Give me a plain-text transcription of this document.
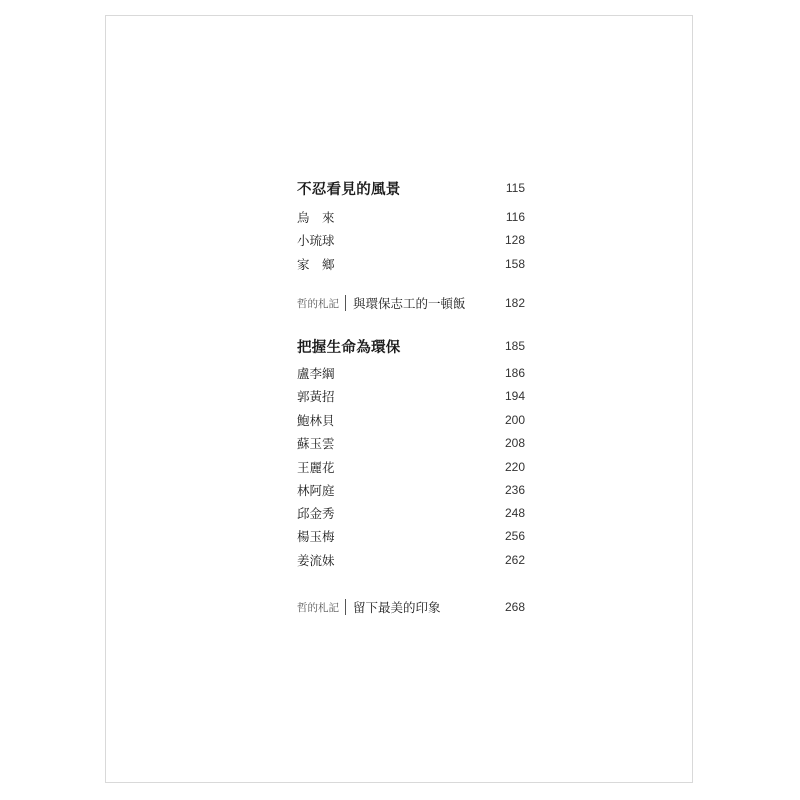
不忍看見的風景	115
烏　來	116
小琉球	128
家　鄉	158
哲的札記 與環保志工的一頓飯	182
把握生命為環保	185
盧李綱	186
郭黃招	194
鮑林貝	200
蘇玉雲	208
王麗花	220
林阿庭	236
邱金秀	248
楊玉梅	256
姜流妹	262
哲的札記 留下最美的印象	268
